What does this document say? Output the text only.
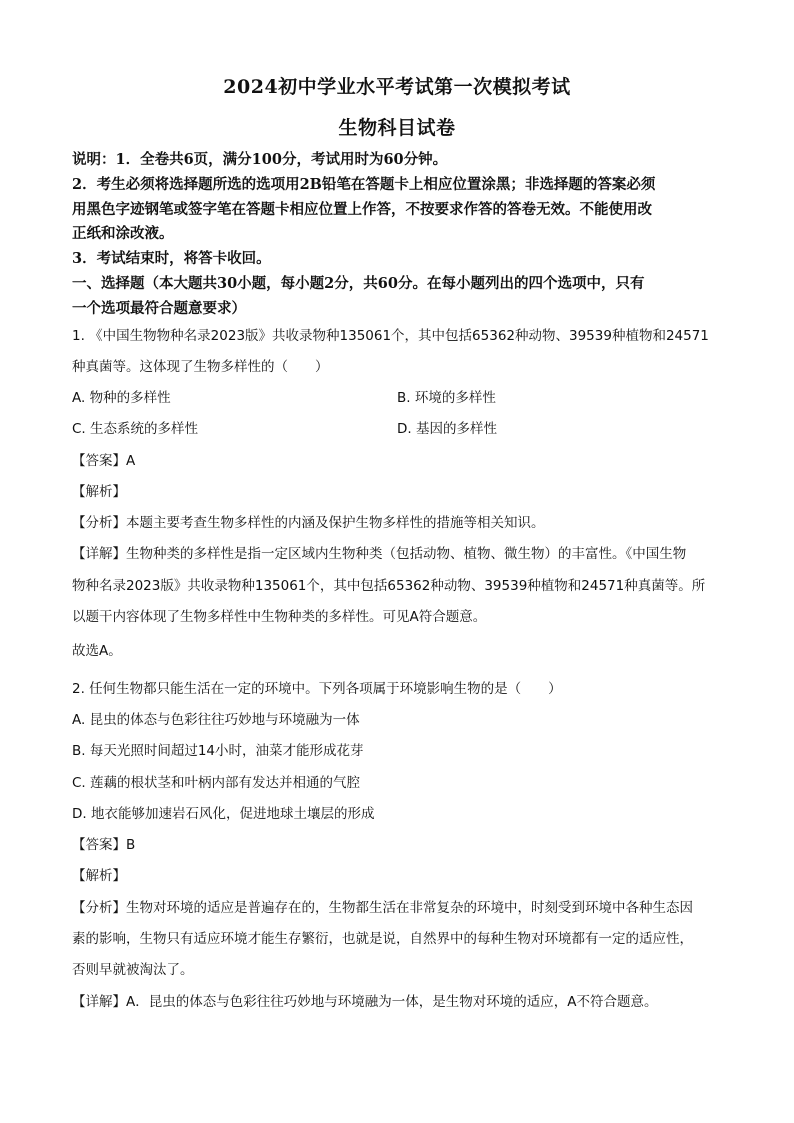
2024初中学业水平考试第一次模拟考试
生物科目试卷
说明：1．全卷共6页，满分100分，考试用时为60分钟。
2．考生必须将选择题所选的选项用2B铅笔在答题卡上相应位置涂黑；非选择题的答案必须
用黑色字迹钢笔或签字笔在答题卡相应位置上作答，不按要求作答的答卷无效。不能使用改
正纸和涂改液。
3．考试结束时，将答卡收回。
一、选择题（本大题共30小题，每小题2分，共60分。在每小题列出的四个选项中，只有
一个选项最符合题意要求）
1. 《中国生物物种名录2023版》共收录物种135061个，其中包括65362种动物、39539种植物和24571
种真菌等。这体现了生物多样性的（　　）
A. 物种的多样性	B. 环境的多样性
C. 生态系统的多样性	D. 基因的多样性
【答案】A
【解析】
【分析】本题主要考查生物多样性的内涵及保护生物多样性的措施等相关知识。
【详解】生物种类的多样性是指一定区域内生物种类（包括动物、植物、微生物）的丰富性。《中国生物
物种名录2023版》共收录物种135061个，其中包括65362种动物、39539种植物和24571种真菌等。所
以题干内容体现了生物多样性中生物种类的多样性。可见A符合题意。
故选A。
2. 任何生物都只能生活在一定的环境中。下列各项属于环境影响生物的是（　　）
A. 昆虫的体态与色彩往往巧妙地与环境融为一体
B. 每天光照时间超过14小时，油菜才能形成花芽
C. 莲藕的根状茎和叶柄内部有发达并相通的气腔
D. 地衣能够加速岩石风化，促进地球土壤层的形成
【答案】B
【解析】
【分析】生物对环境的适应是普遍存在的，生物都生活在非常复杂的环境中，时刻受到环境中各种生态因
素的影响，生物只有适应环境才能生存繁衍，也就是说，自然界中的每种生物对环境都有一定的适应性，
否则早就被淘汰了。
【详解】A．昆虫的体态与色彩往往巧妙地与环境融为一体，是生物对环境的适应，A不符合题意。
